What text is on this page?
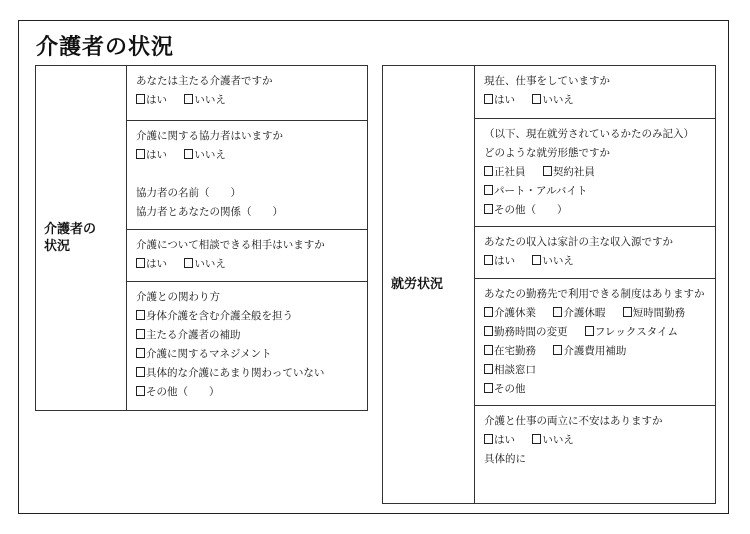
介護者の状況
介護者の
状況

あなたは主たる介護者ですか
はい	いいえ

介護に関する協力者はいますか
はい	いいえ
協力者の名前（　　）
協力者とあなたの関係（　　）

介護について相談できる相手はいますか
はい	いいえ

介護との関わり方
身体介護を含む介護全般を担う
主たる介護者の補助
介護に関するマネジメント
具体的な介護にあまり関わっていない
その他（　　）
就労状況

現在、仕事をしていますか
はい	いいえ

（以下、現在就労されているかたのみ記入）
どのような就労形態ですか
正社員	契約社員
パート・アルバイト
その他（　　）

あなたの収入は家計の主な収入源ですか
はい	いいえ

あなたの勤務先で利用できる制度はありますか
介護休業	介護休暇	短時間勤務
勤務時間の変更	フレックスタイム
在宅勤務	介護費用補助
相談窓口
その他

介護と仕事の両立に不安はありますか
はい	いいえ
具体的に
